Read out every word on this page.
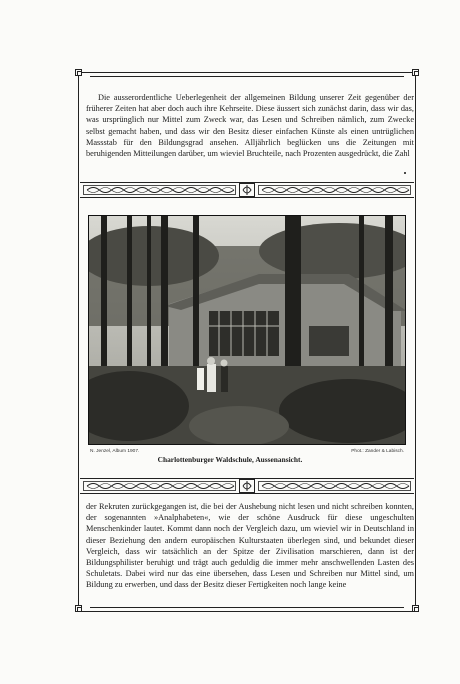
Die ausserordentliche Ueberlegenheit der allgemeinen Bildung unserer Zeit gegenüber der früherer Zeiten hat aber doch auch ihre Kehrseite. Diese äussert sich zunächst darin, dass wir das, was ursprünglich nur Mittel zum Zweck war, das Lesen und Schreiben nämlich, zum Zwecke selbst gemacht haben, und dass wir den Besitz dieser einfachen Künste als einen untrüglichen Massstab für den Bildungsgrad ansehen. Alljährlich beglücken uns die Zeitungen mit beruhigenden Mitteilungen darüber, um wieviel Bruchteile, nach Prozenten ausgedrückt, die Zahl

N. Jenzel, Album 1907.	Phot.: Zander & Labisch.
Charlottenburger Waldschule, Aussenansicht.

der Rekruten zurückgegangen ist, die bei der Aushebung nicht lesen und nicht schreiben konnten, der sogenannten »Analphabeten«, wie der schöne Ausdruck für diese ungeschulten Menschenkinder lautet. Kommt dann noch der Vergleich dazu, um wieviel wir in Deutschland in dieser Beziehung den andern europäischen Kulturstaaten überlegen sind, und bekundet dieser Vergleich, dass wir tatsächlich an der Spitze der Zivilisation marschieren, dann ist der Bildungsphilister beruhigt und trägt auch geduldig die immer mehr anschwellenden Lasten des Schuletats. Dabei wird nur das eine übersehen, dass Lesen und Schreiben nur Mittel sind, um Bildung zu erwerben, und dass der Besitz dieser Fertigkeiten noch lange keine
